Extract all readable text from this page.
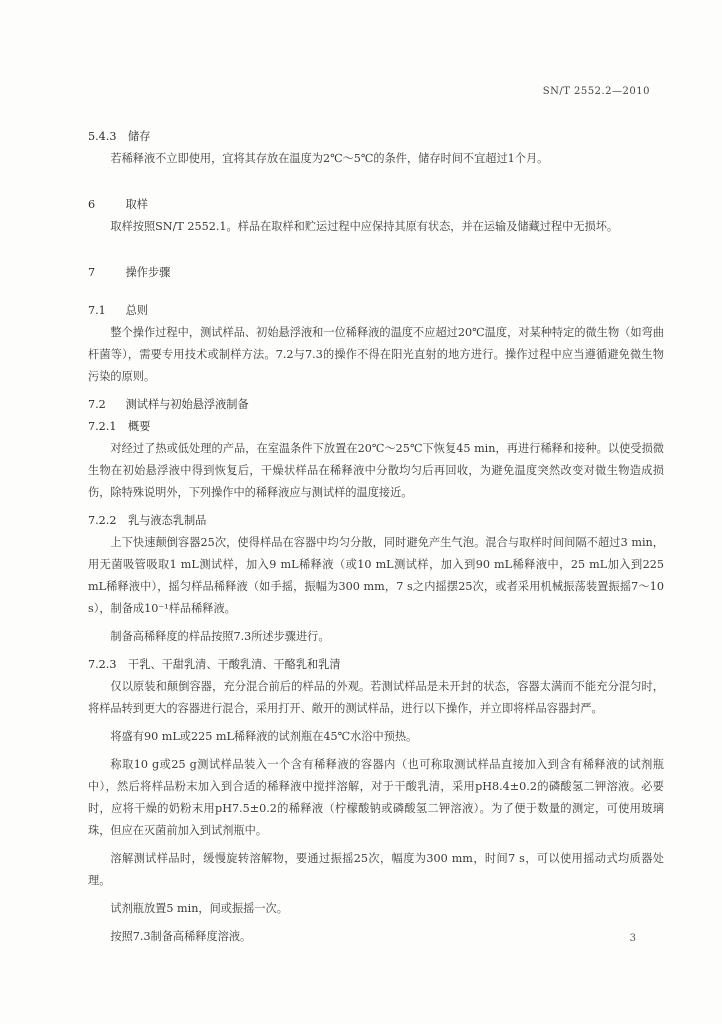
SN/T 2552.2—2010
5.4.3 储存

若稀释液不立即使用，宜将其存放在温度为2℃～5℃的条件，储存时间不宜超过1个月。

6	取样

取样按照SN/T 2552.1。样品在取样和贮运过程中应保持其原有状态，并在运输及储藏过程中无损坏。

7	操作步骤
7.1 总则

整个操作过程中，测试样品、初始悬浮液和一位稀释液的温度不应超过20℃温度，对某种特定的微生物（如弯曲杆菌等），需要专用技术或制样方法。7.2与7.3的操作不得在阳光直射的地方进行。操作过程中应当遵循避免微生物污染的原则。

7.2 测试样与初始悬浮液制备
7.2.1 概要

对经过了热或低处理的产品，在室温条件下放置在20℃～25℃下恢复45 min，再进行稀释和接种。以使受损微生物在初始悬浮液中得到恢复后，干燥状样品在稀释液中分散均匀后再回收，为避免温度突然改变对微生物造成损伤，除特殊说明外，下列操作中的稀释液应与测试样的温度接近。

7.2.2 乳与液态乳制品

上下快速颠倒容器25次，使得样品在容器中均匀分散，同时避免产生气泡。混合与取样时间间隔不超过3 min，用无菌吸管吸取1 mL测试样，加入9 mL稀释液（或10 mL测试样，加入到90 mL稀释液中，25 mL加入到225 mL稀释液中），摇匀样品稀释液（如手摇，振幅为300 mm，7 s之内摇摆25次，或者采用机械振荡装置振摇7～10 s），制备成10⁻¹样品稀释液。

制备高稀释度的样品按照7.3所述步骤进行。

7.2.3 干乳、干甜乳清、干酸乳清、干酪乳和乳清

仅以原装和颠倒容器，充分混合前后的样品的外观。若测试样品是未开封的状态，容器太满而不能充分混匀时，将样品转到更大的容器进行混合，采用打开、敞开的测试样品，进行以下操作，并立即将样品容器封严。

将盛有90 mL或225 mL稀释液的试剂瓶在45℃水浴中预热。

称取10 g或25 g测试样品装入一个含有稀释液的容器内（也可称取测试样品直接加入到含有稀释液的试剂瓶中），然后将样品粉末加入到合适的稀释液中搅拌溶解，对于干酸乳清，采用pH8.4±0.2的磷酸氢二钾溶液。必要时，应将干燥的奶粉末用pH7.5±0.2的稀释液（柠檬酸钠或磷酸氢二钾溶液）。为了便于数量的测定，可使用玻璃珠，但应在灭菌前加入到试剂瓶中。

溶解测试样品时，缓慢旋转溶解物，要通过振摇25次，幅度为300 mm，时间7 s，可以使用摇动式均质器处理。

试剂瓶放置5 min，间或振摇一次。

按照7.3制备高稀释度溶液。	3
